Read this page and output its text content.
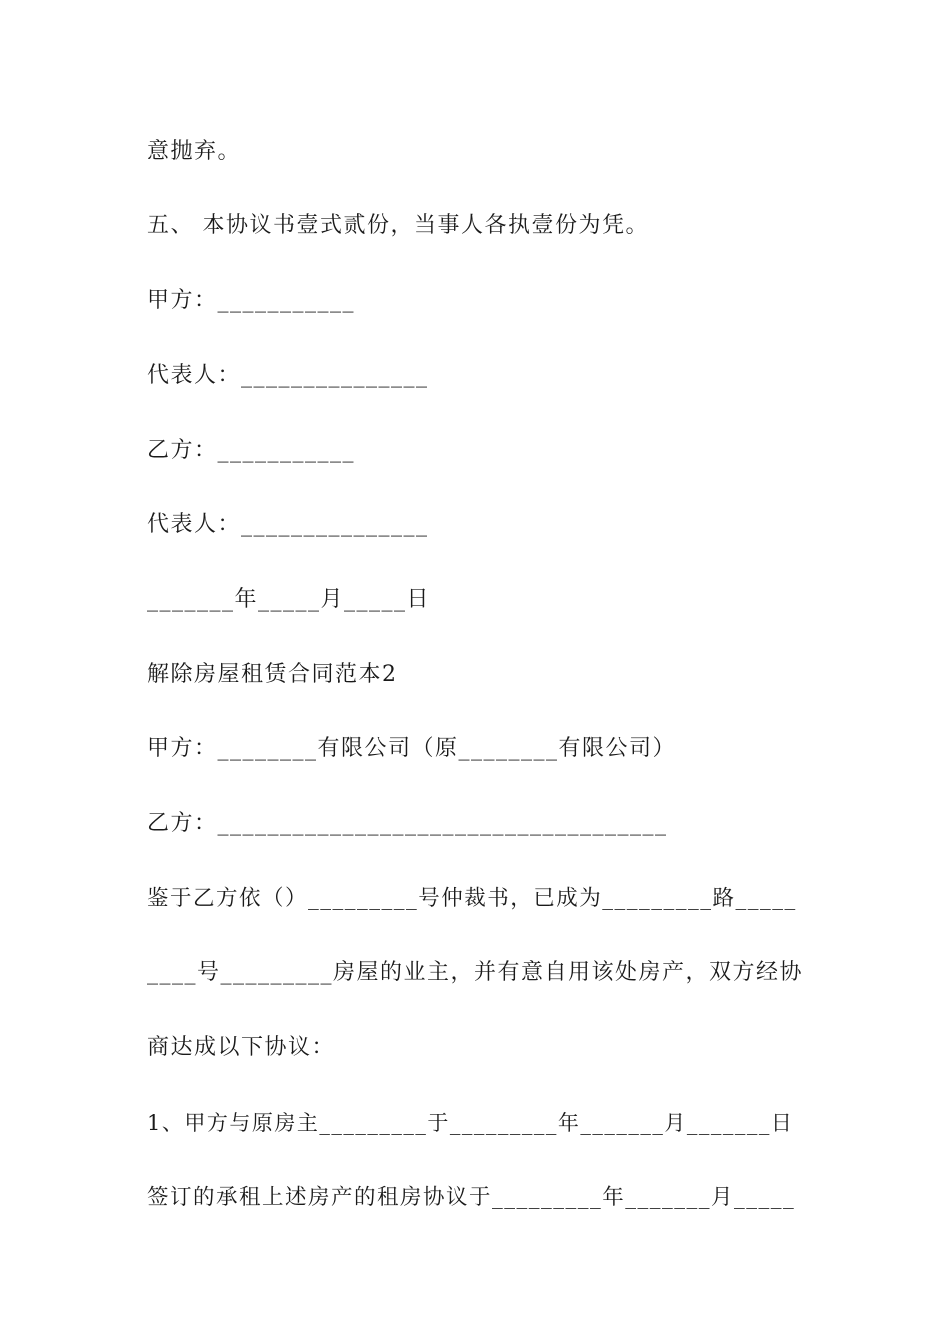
意抛弃。
五、 本协议书壹式贰份，当事人各执壹份为凭。
甲方：___________
代表人：_______________
乙方：___________
代表人：_______________
_______年_____月_____日
解除房屋租赁合同范本2
甲方：________有限公司（原________有限公司）
乙方：____________________________________
鉴于乙方依（）_________号仲裁书，已成为_________路_____
____号_________房屋的业主，并有意自用该处房产，双方经协
商达成以下协议：
1、甲方与原房主_________于_________年_______月_______日
签订的承租上述房产的租房协议于_________年_______月_____
